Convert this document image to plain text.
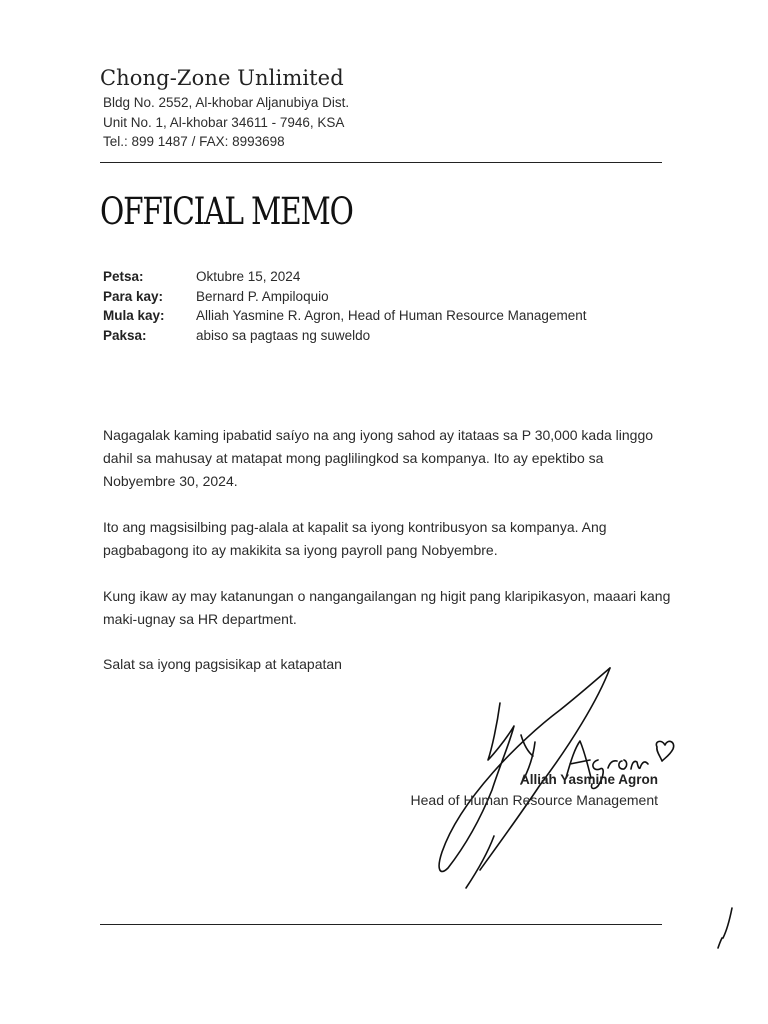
Chong-Zone Unlimited
Bldg No. 2552, Al-khobar Aljanubiya Dist.
Unit No. 1, Al-khobar 34611 - 7946, KSA
Tel.: 899 1487 / FAX: 8993698
OFFICIAL MEMO
Petsa:	Oktubre 15, 2024
Para kay: Bernard P. Ampiloquio
Mula kay: Alliah Yasmine R. Agron, Head of Human Resource Management
Paksa:	abiso sa pagtaas ng suweldo

Nagagalak kaming ipabatid saíyo na ang iyong sahod ay itataas sa P 30,000 kada linggo dahil sa mahusay at matapat mong paglilingkod sa kompanya. Ito ay epektibo sa Nobyembre 30, 2024.

Ito ang magsisilbing pag-alala at kapalit sa iyong kontribusyon sa kompanya. Ang pagbabagong ito ay makikita sa iyong payroll pang Nobyembre.

Kung ikaw ay may katanungan o nangangailangan ng higit pang klaripikasyon, maaari kang maki-ugnay sa HR department.

Salat sa iyong pagsisikap at katapatan

Alliah Yasmine Agron
Head of Human Resource Management
